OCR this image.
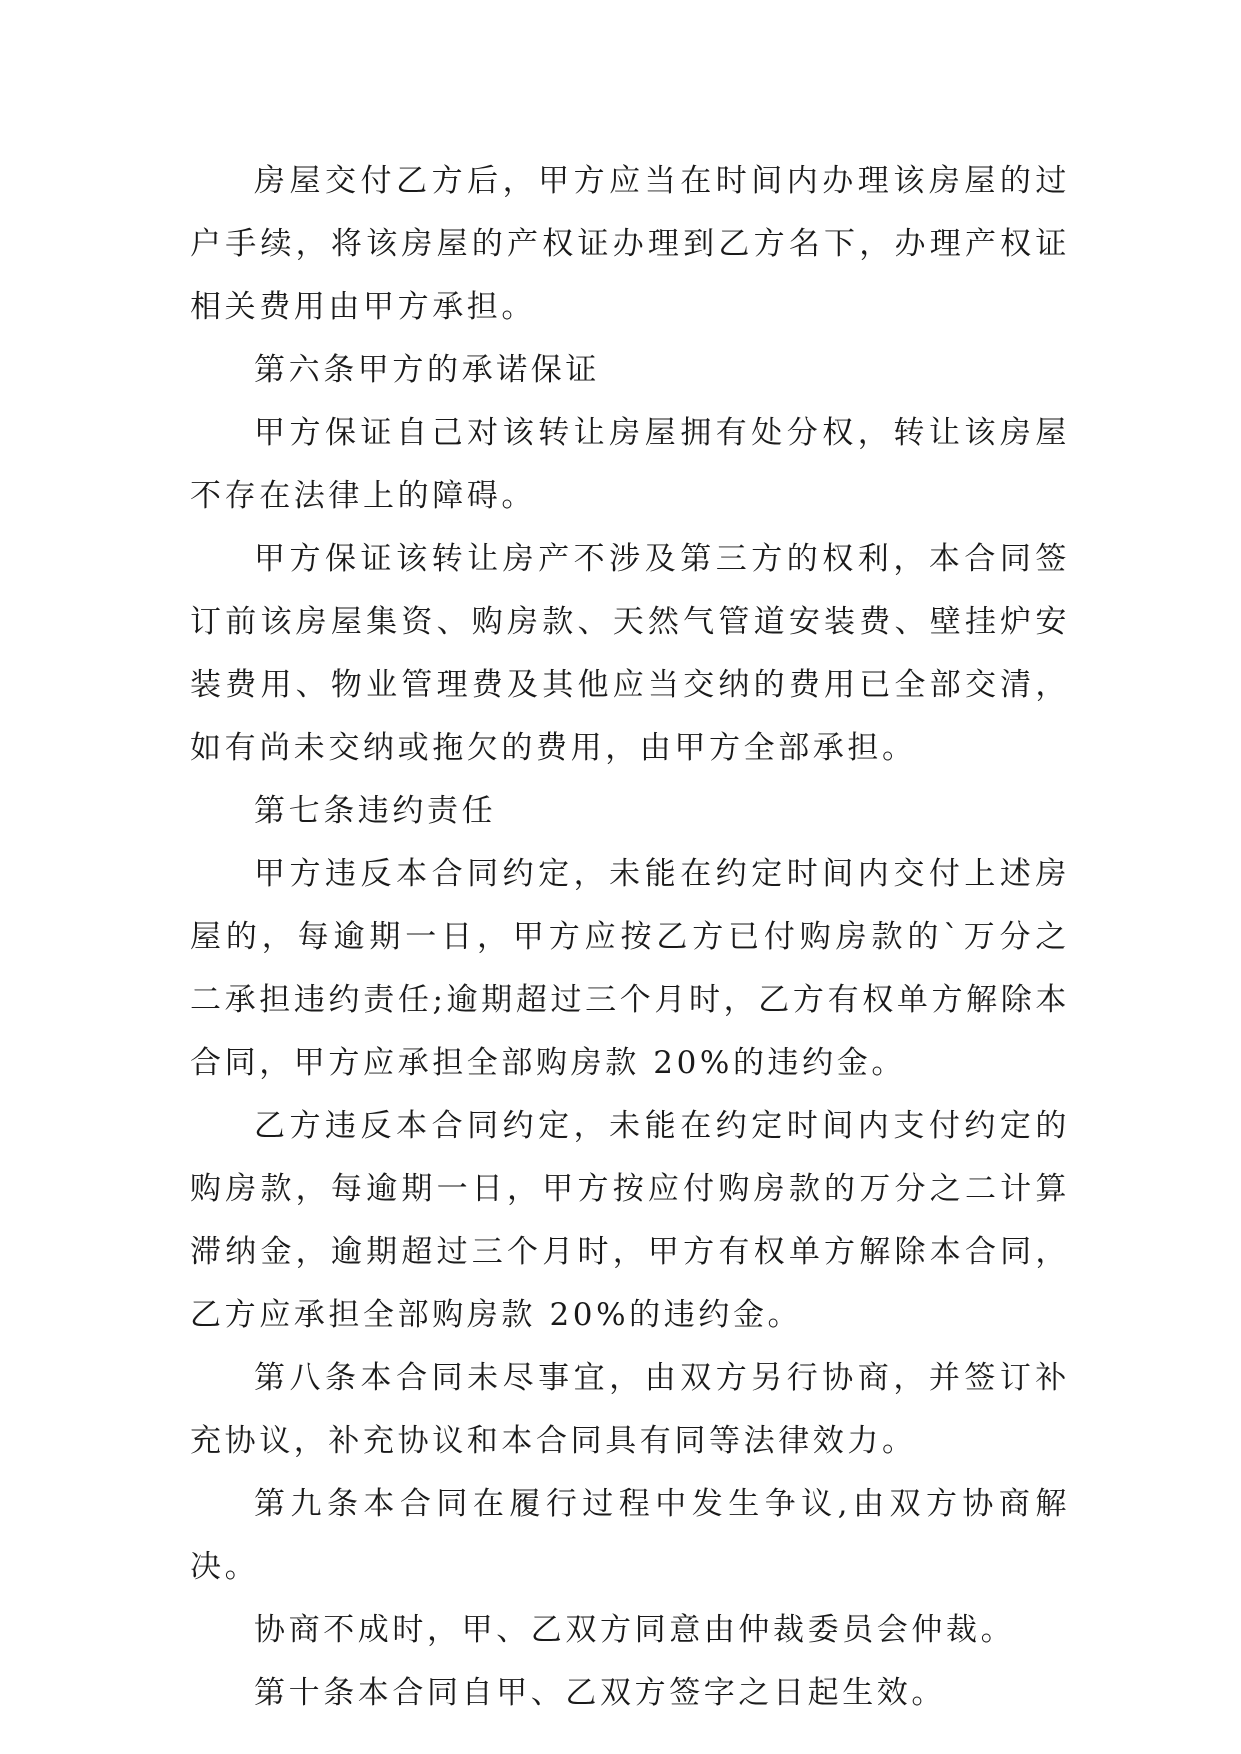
房屋交付乙方后，甲方应当在时间内办理该房屋的过户手续，将该房屋的产权证办理到乙方名下，办理产权证相关费用由甲方承担。

第六条甲方的承诺保证

甲方保证自己对该转让房屋拥有处分权，转让该房屋不存在法律上的障碍。

甲方保证该转让房产不涉及第三方的权利，本合同签订前该房屋集资、购房款、天然气管道安装费、壁挂炉安装费用、物业管理费及其他应当交纳的费用已全部交清，如有尚未交纳或拖欠的费用，由甲方全部承担。

第七条违约责任

甲方违反本合同约定，未能在约定时间内交付上述房屋的，每逾期一日，甲方应按乙方已付购房款的`万分之二承担违约责任;逾期超过三个月时，乙方有权单方解除本合同，甲方应承担全部购房款 20%的违约金。

乙方违反本合同约定，未能在约定时间内支付约定的购房款，每逾期一日，甲方按应付购房款的万分之二计算滞纳金，逾期超过三个月时，甲方有权单方解除本合同，乙方应承担全部购房款 20%的违约金。

第八条本合同未尽事宜，由双方另行协商，并签订补充协议，补充协议和本合同具有同等法律效力。

第九条本合同在履行过程中发生争议,由双方协商解决。

协商不成时，甲、乙双方同意由仲裁委员会仲裁。

第十条本合同自甲、乙双方签字之日起生效。
